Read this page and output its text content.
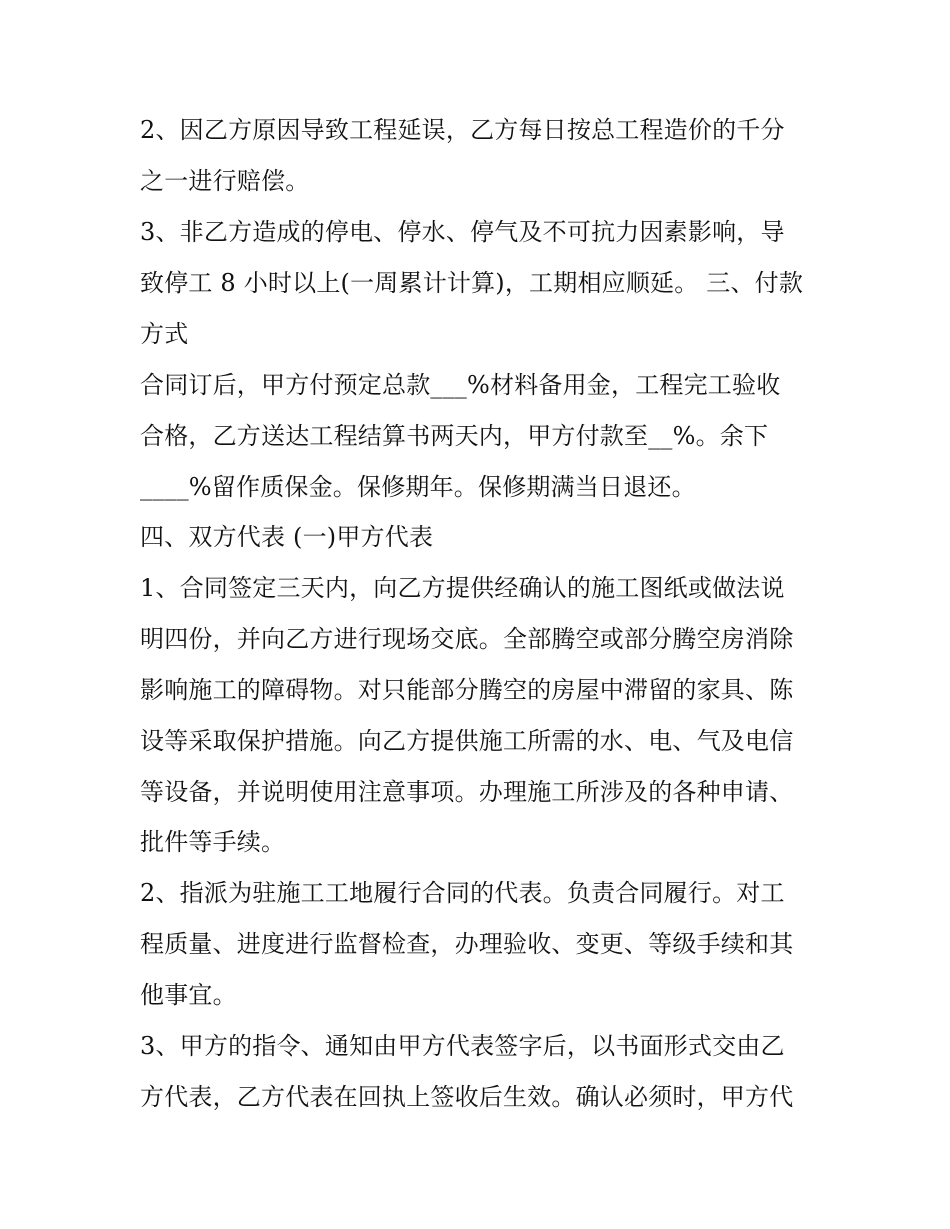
2、因乙方原因导致工程延误，乙方每日按总工程造价的千分
之一进行赔偿。
3、非乙方造成的停电、停水、停气及不可抗力因素影响，导
致停工 8 小时以上(一周累计计算)，工期相应顺延。 三、付款
方式
合同订后，甲方付预定总款___%材料备用金，工程完工验收
合格，乙方送达工程结算书两天内，甲方付款至__%。余下
____%留作质保金。保修期年。保修期满当日退还。
四、双方代表 (一)甲方代表
1、合同签定三天内，向乙方提供经确认的施工图纸或做法说
明四份，并向乙方进行现场交底。全部腾空或部分腾空房消除
影响施工的障碍物。对只能部分腾空的房屋中滞留的家具、陈
设等采取保护措施。向乙方提供施工所需的水、电、气及电信
等设备，并说明使用注意事项。办理施工所涉及的各种申请、
批件等手续。
2、指派为驻施工工地履行合同的代表。负责合同履行。对工
程质量、进度进行监督检查，办理验收、变更、等级手续和其
他事宜。
3、甲方的指令、通知由甲方代表签字后，以书面形式交由乙
方代表，乙方代表在回执上签收后生效。确认必须时，甲方代
